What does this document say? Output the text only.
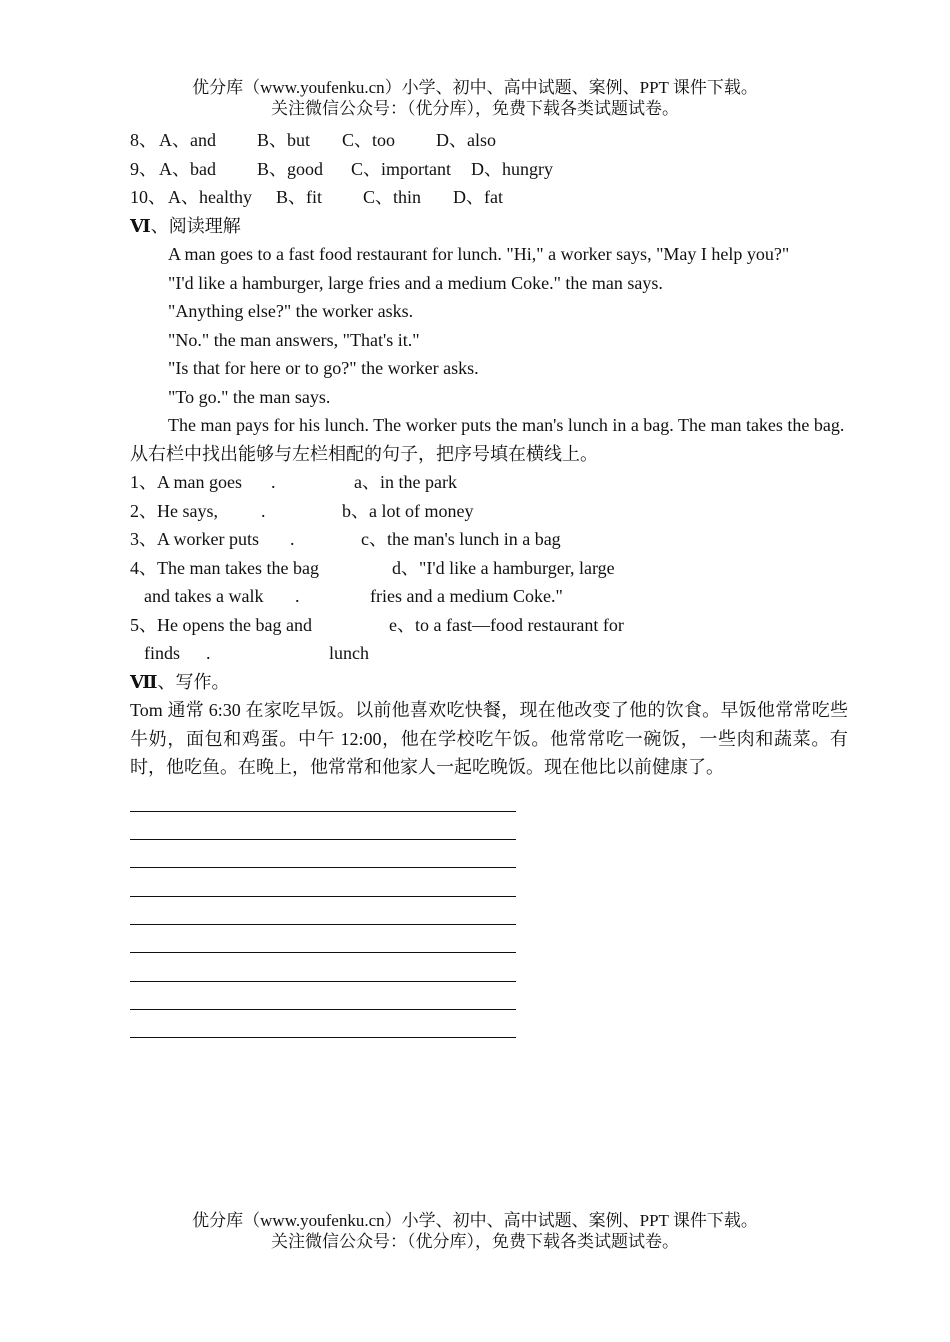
优分库（www.youfenku.cn）小学、初中、高中试题、案例、PPT 课件下载。
关注微信公众号：（优分库），免费下载各类试题试卷。
8、 A、and B、but C、too D、also
9、 A、bad B、good C、important D、hungry
10、 A、healthy B、fit C、thin D、fat
Ⅵ、阅读理解
A man goes to a fast food restaurant for lunch. "Hi," a worker says, "May I help you?"
"I'd like a hamburger, large fries and a medium Coke." the man says.
"Anything else?" the worker asks.
"No." the man answers, "That's it."
"Is that for here or to go?" the worker asks.
"To go." the man says.

The man pays for his lunch. The worker puts the man's lunch in a bag. The man takes the bag.

从右栏中找出能够与左栏相配的句子，把序号填在横线上。
1、A man goes .	a、in the park
2、He says, .	b、a lot of money
3、A worker puts .	c、the man's lunch in a bag
4、The man takes the bag	d、"I'd like a hamburger, large
and takes a walk .	fries and a medium Coke."
5、He opens the bag and	e、to a fast—food restaurant for
finds .	lunch
Ⅶ、写作。

Tom 通常 6:30 在家吃早饭。以前他喜欢吃快餐，现在他改变了他的饮食。早饭他常常吃些牛奶，面包和鸡蛋。中午 12:00，他在学校吃午饭。他常常吃一碗饭，一些肉和蔬菜。有时，他吃鱼。在晚上，他常常和他家人一起吃晚饭。现在他比以前健康了。

优分库（www.youfenku.cn）小学、初中、高中试题、案例、PPT 课件下载。
关注微信公众号：（优分库），免费下载各类试题试卷。
